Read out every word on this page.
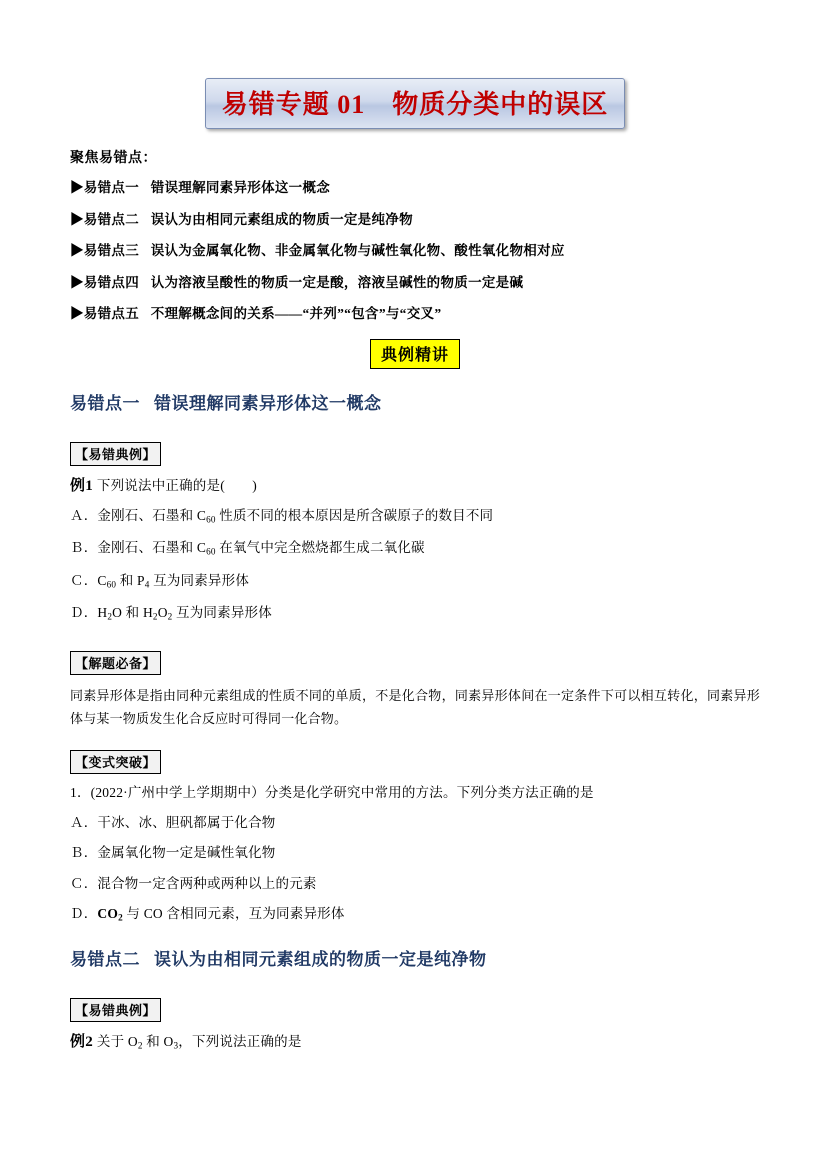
易错专题 01　物质分类中的误区
聚焦易错点：
▶易错点一 错误理解同素异形体这一概念
▶易错点二 误认为由相同元素组成的物质一定是纯净物
▶易错点三 误认为金属氧化物、非金属氧化物与碱性氧化物、酸性氧化物相对应
▶易错点四 认为溶液呈酸性的物质一定是酸，溶液呈碱性的物质一定是碱
▶易错点五 不理解概念间的关系——“并列”“包含”与“交叉”
典例精讲
易错点一 错误理解同素异形体这一概念
【易错典例】
例1 下列说法中正确的是(　　)
Ａ．金刚石、石墨和 $C_{60}$ 性质不同的根本原因是所含碳原子的数目不同
Ｂ．金刚石、石墨和 $C_{60}$ 在氧气中完全燃烧都生成二氧化碳
Ｃ．$C_{60}$ 和 $P_4$ 互为同素异形体
Ｄ．$H_2O$ 和 $H_2O_2$ 互为同素异形体
【解题必备】
同素异形体是指由同种元素组成的性质不同的单质，不是化合物，同素异形体间在一定条件下可以相互转化，同素异形体与某一物质发生化合反应时可得同一化合物。
【变式突破】
1．(2022·广州中学上学期期中）分类是化学研究中常用的方法。下列分类方法正确的是
Ａ．干冰、冰、胆矾都属于化合物
Ｂ．金属氧化物一定是碱性氧化物
Ｃ．混合物一定含两种或两种以上的元素
Ｄ．$CO_2$ 与 CO 含相同元素，互为同素异形体
易错点二 误认为由相同元素组成的物质一定是纯净物
【易错典例】
例2 关于 $O_2$ 和 $O_3$，下列说法正确的是
